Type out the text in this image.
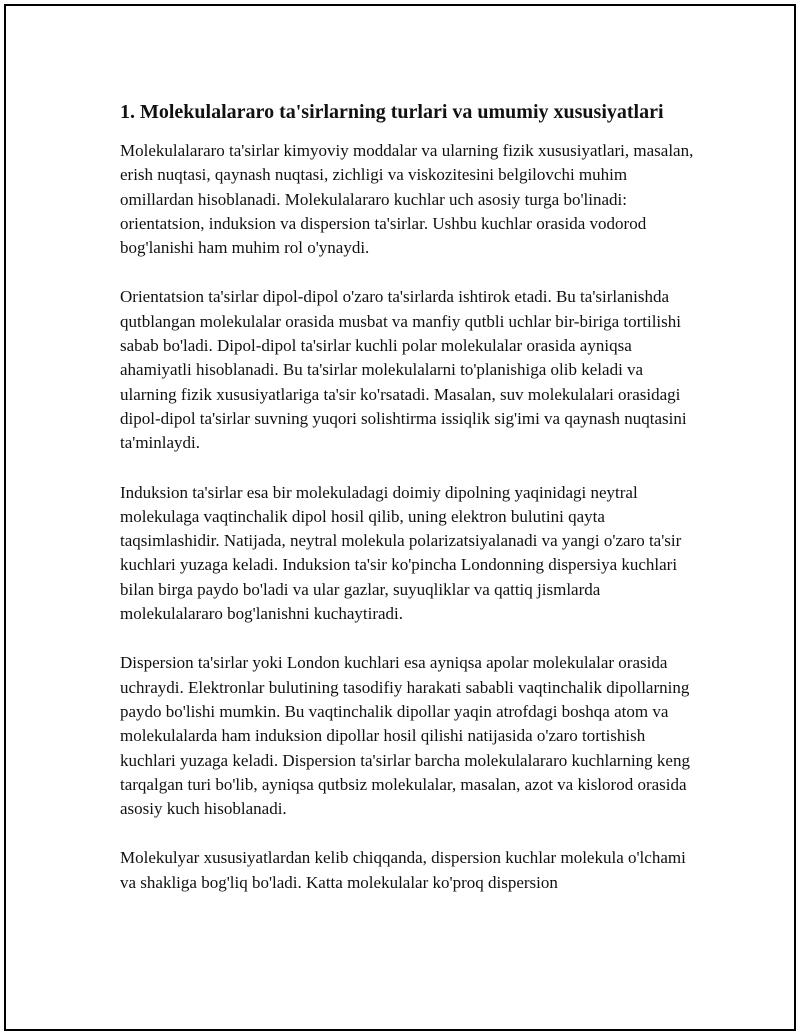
1. Molekulalararo ta'sirlarning turlari va umumiy xususiyatlari

Molekulalararo ta'sirlar kimyoviy moddalar va ularning fizik xususiyatlari, masalan, erish nuqtasi, qaynash nuqtasi, zichligi va viskozitesini belgilovchi muhim omillardan hisoblanadi. Molekulalararo kuchlar uch asosiy turga bo'linadi: orientatsion, induksion va dispersion ta'sirlar. Ushbu kuchlar orasida vodorod bog'lanishi ham muhim rol o'ynaydi.

Orientatsion ta'sirlar dipol-dipol o'zaro ta'sirlarda ishtirok etadi. Bu ta'sirlanishda qutblangan molekulalar orasida musbat va manfiy qutbli uchlar bir-biriga tortilishi sabab bo'ladi. Dipol-dipol ta'sirlar kuchli polar molekulalar orasida ayniqsa ahamiyatli hisoblanadi. Bu ta'sirlar molekulalarni to'planishiga olib keladi va ularning fizik xususiyatlariga ta'sir ko'rsatadi. Masalan, suv molekulalari orasidagi dipol-dipol ta'sirlar suvning yuqori solishtirma issiqlik sig'imi va qaynash nuqtasini ta'minlaydi.

Induksion ta'sirlar esa bir molekuladagi doimiy dipolning yaqinidagi neytral molekulaga vaqtinchalik dipol hosil qilib, uning elektron bulutini qayta taqsimlashidir. Natijada, neytral molekula polarizatsiyalanadi va yangi o'zaro ta'sir kuchlari yuzaga keladi. Induksion ta'sir ko'pincha Londonning dispersiya kuchlari bilan birga paydo bo'ladi va ular gazlar, suyuqliklar va qattiq jismlarda molekulalararo bog'lanishni kuchaytiradi.

Dispersion ta'sirlar yoki London kuchlari esa ayniqsa apolar molekulalar orasida uchraydi. Elektronlar bulutining tasodifiy harakati sababli vaqtinchalik dipollarning paydo bo'lishi mumkin. Bu vaqtinchalik dipollar yaqin atrofdagi boshqa atom va molekulalarda ham induksion dipollar hosil qilishi natijasida o'zaro tortishish kuchlari yuzaga keladi. Dispersion ta'sirlar barcha molekulalararo kuchlarning keng tarqalgan turi bo'lib, ayniqsa qutbsiz molekulalar, masalan, azot va kislorod orasida asosiy kuch hisoblanadi.

Molekulyar xususiyatlardan kelib chiqqanda, dispersion kuchlar molekula o'lchami va shakliga bog'liq bo'ladi. Katta molekulalar ko'proq dispersion
